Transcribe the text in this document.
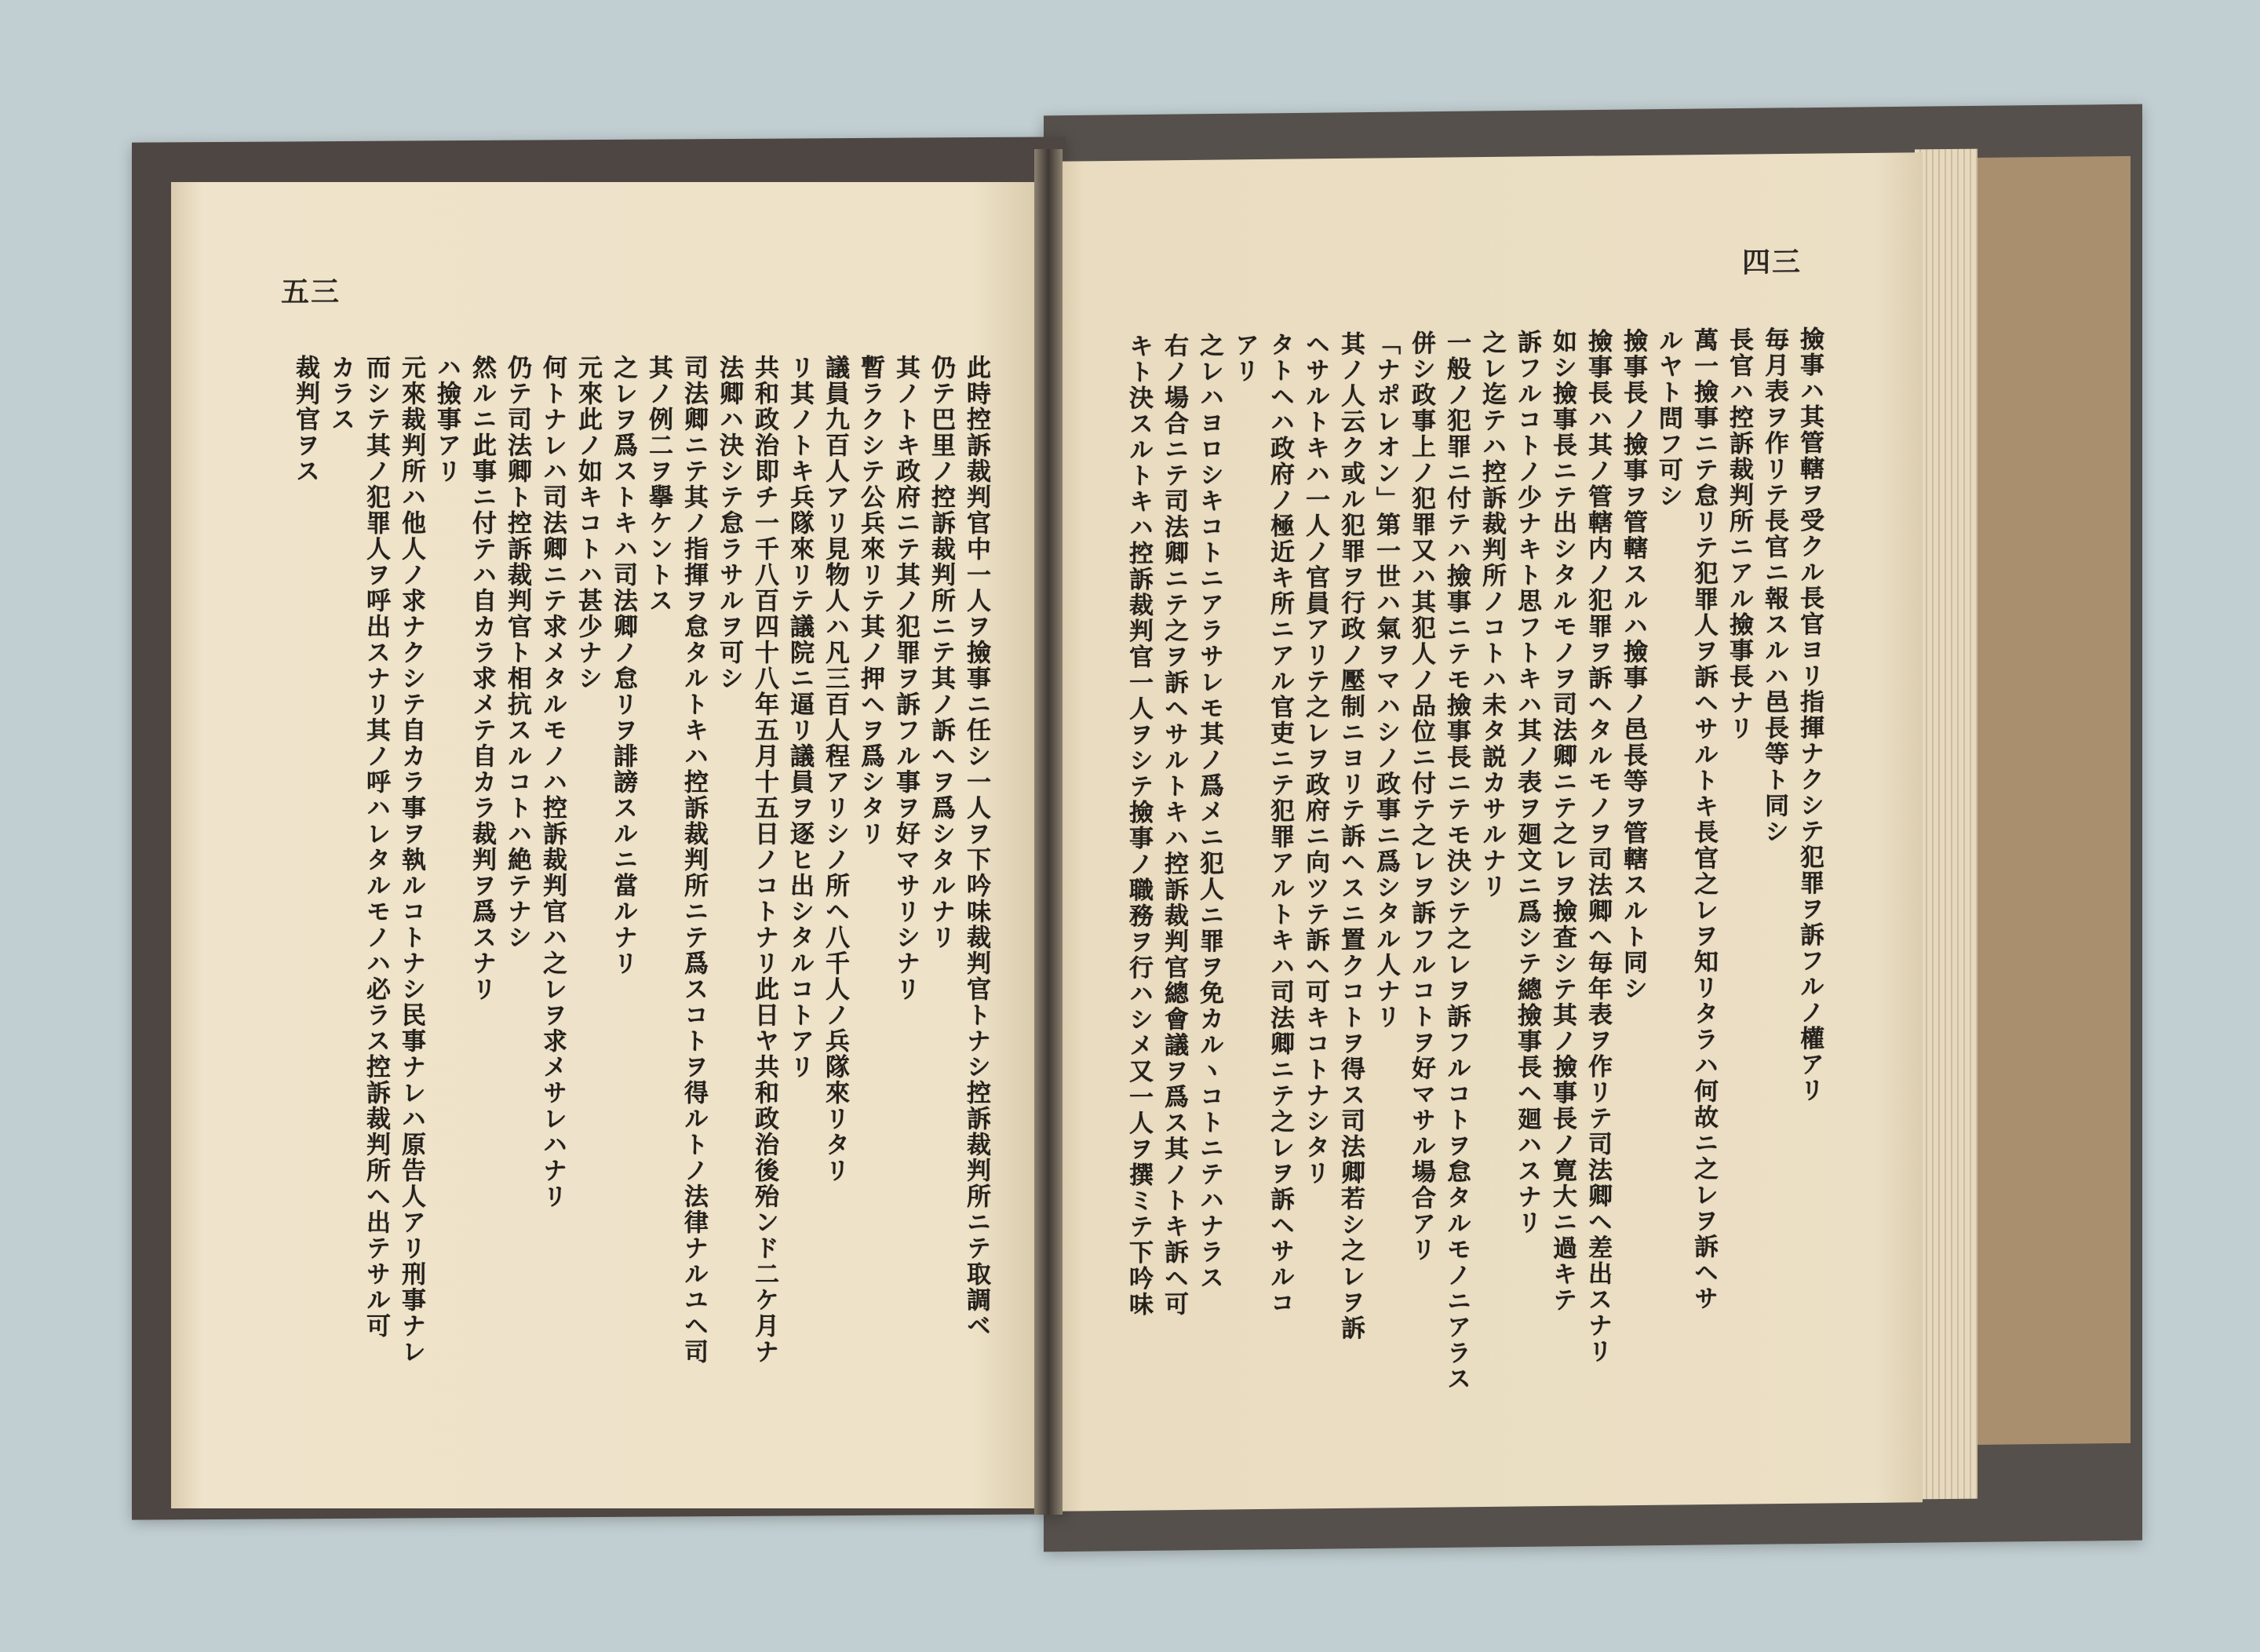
五三
此時控訴裁判官中一人ヲ撿事ニ任シ一人ヲ下吟味裁判官トナシ控訴裁判所ニテ取調ベ
仍テ巴里ノ控訴裁判所ニテ其ノ訴ヘヲ爲シタルナリ
其ノトキ政府ニテ其ノ犯罪ヲ訴フル事ヲ好マサリシナリ
暫ラクシテ公兵來リテ其ノ押ヘヲ爲シタリ
議員九百人アリ見物人ハ凡三百人程アリシノ所ヘ八千人ノ兵隊來リタリ
リ其ノトキ兵隊來リテ議院ニ逼リ議員ヲ逐ヒ出シタルコトアリ
共和政治即チ一千八百四十八年五月十五日ノコトナリ此日ヤ共和政治後殆ンド二ケ月ナ
法卿ハ決シテ怠ラサルヲ可シ
司法卿ニテ其ノ指揮ヲ怠タルトキハ控訴裁判所ニテ爲スコトヲ得ルトノ法律ナルユヘ司
其ノ例二ヲ擧ケントス
之レヲ爲ストキハ司法卿ノ怠リヲ誹謗スルニ當ルナリ
元來此ノ如キコトハ甚少ナシ
何トナレハ司法卿ニテ求メタルモノハ控訴裁判官ハ之レヲ求メサレハナリ
仍テ司法卿ト控訴裁判官ト相抗スルコトハ絶テナシ
然ルニ此事ニ付テハ自カラ求メテ自カラ裁判ヲ爲スナリ
ハ撿事アリ
元來裁判所ハ他人ノ求ナクシテ自カラ事ヲ執ルコトナシ民事ナレハ原告人アリ刑事ナレ
而シテ其ノ犯罪人ヲ呼出スナリ其ノ呼ハレタルモノハ必ラス控訴裁判所ヘ出テサル可
カラス
裁判官ヲス
四三
撿事ハ其管轄ヲ受クル長官ヨリ指揮ナクシテ犯罪ヲ訴フルノ權アリ
毎月表ヲ作リテ長官ニ報スルハ邑長等ト同シ
長官ハ控訴裁判所ニアル撿事長ナリ
萬一撿事ニテ怠リテ犯罪人ヲ訴ヘサルトキ長官之レヲ知リタラハ何故ニ之レヲ訴ヘサ
ルヤト問フ可シ
撿事長ノ撿事ヲ管轄スルハ撿事ノ邑長等ヲ管轄スルト同シ
撿事長ハ其ノ管轄内ノ犯罪ヲ訴ヘタルモノヲ司法卿ヘ毎年表ヲ作リテ司法卿ヘ差出スナリ
如シ撿事長ニテ出シタルモノヲ司法卿ニテ之レヲ撿査シテ其ノ撿事長ノ寛大ニ過キテ
訴フルコトノ少ナキト思フトキハ其ノ表ヲ廻文ニ爲シテ總撿事長ヘ廻ハスナリ
之レ迄テハ控訴裁判所ノコトハ未タ説カサルナリ
一般ノ犯罪ニ付テハ撿事ニテモ撿事長ニテモ決シテ之レヲ訴フルコトヲ怠タルモノニアラス
併シ政事上ノ犯罪又ハ其犯人ノ品位ニ付テ之レヲ訴フルコトヲ好マサル場合アリ
「ナポレオン」第一世ハ氣ヲマハシノ政事ニ爲シタル人ナリ
其ノ人云ク或ル犯罪ヲ行政ノ壓制ニヨリテ訴ヘスニ置クコトヲ得ス司法卿若シ之レヲ訴
ヘサルトキハ一人ノ官員アリテ之レヲ政府ニ向ツテ訴ヘ可キコトナシタリ
タトヘハ政府ノ極近キ所ニアル官吏ニテ犯罪アルトキハ司法卿ニテ之レヲ訴ヘサルコ
アリ
之レハヨロシキコトニアラサレモ其ノ爲メニ犯人ニ罪ヲ免カルヽコトニテハナラス
右ノ場合ニテ司法卿ニテ之ヲ訴ヘサルトキハ控訴裁判官總會議ヲ爲ス其ノトキ訴ヘ可
キト決スルトキハ控訴裁判官一人ヲシテ撿事ノ職務ヲ行ハシメ又一人ヲ撰ミテ下吟味
